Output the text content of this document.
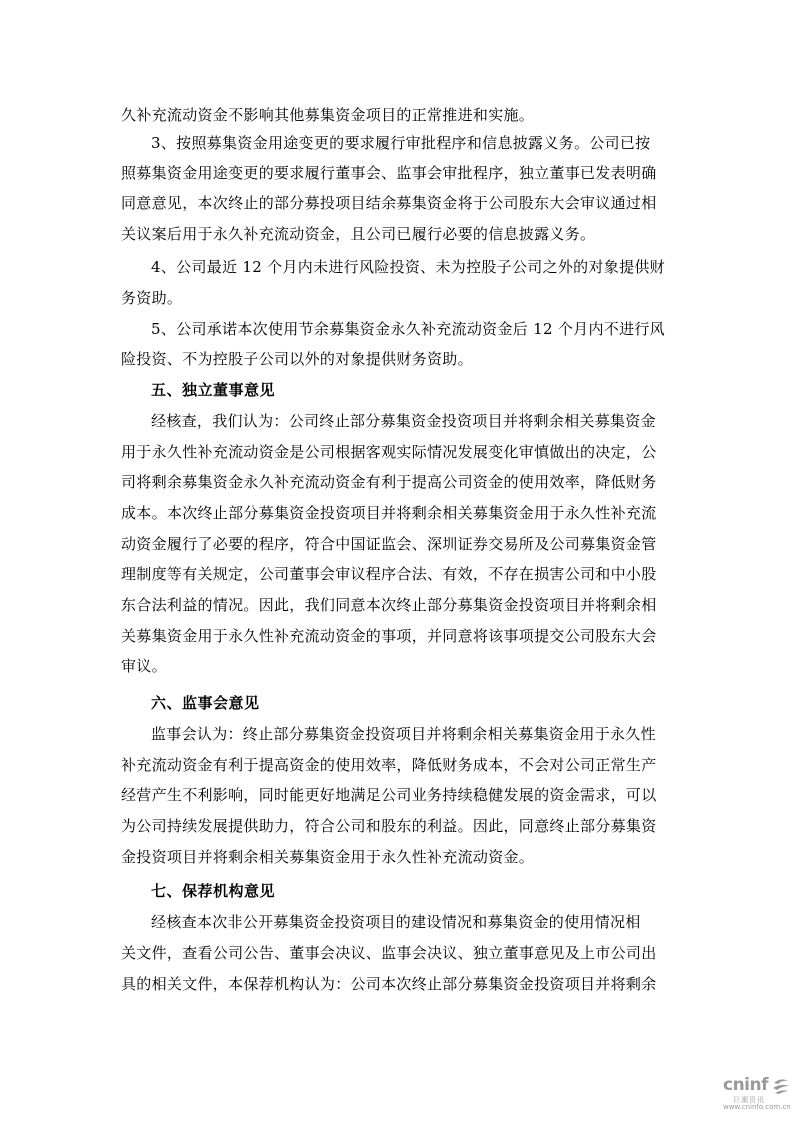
久补充流动资金不影响其他募集资金项目的正常推进和实施。
3、按照募集资金用途变更的要求履行审批程序和信息披露义务。公司已按
照募集资金用途变更的要求履行董事会、监事会审批程序，独立董事已发表明确
同意意见，本次终止的部分募投项目结余募集资金将于公司股东大会审议通过相
关议案后用于永久补充流动资金，且公司已履行必要的信息披露义务。
4、公司最近 12 个月内未进行风险投资、未为控股子公司之外的对象提供财
务资助。
5、公司承诺本次使用节余募集资金永久补充流动资金后 12 个月内不进行风
险投资、不为控股子公司以外的对象提供财务资助。
五、独立董事意见
经核查，我们认为：公司终止部分募集资金投资项目并将剩余相关募集资金
用于永久性补充流动资金是公司根据客观实际情况发展变化审慎做出的决定，公
司将剩余募集资金永久补充流动资金有利于提高公司资金的使用效率，降低财务
成本。本次终止部分募集资金投资项目并将剩余相关募集资金用于永久性补充流
动资金履行了必要的程序，符合中国证监会、深圳证券交易所及公司募集资金管
理制度等有关规定，公司董事会审议程序合法、有效，不存在损害公司和中小股
东合法利益的情况。因此，我们同意本次终止部分募集资金投资项目并将剩余相
关募集资金用于永久性补充流动资金的事项，并同意将该事项提交公司股东大会
审议。
六、监事会意见
监事会认为：终止部分募集资金投资项目并将剩余相关募集资金用于永久性
补充流动资金有利于提高资金的使用效率，降低财务成本，不会对公司正常生产
经营产生不利影响，同时能更好地满足公司业务持续稳健发展的资金需求，可以
为公司持续发展提供助力，符合公司和股东的利益。因此，同意终止部分募集资
金投资项目并将剩余相关募集资金用于永久性补充流动资金。
七、保荐机构意见
经核查本次非公开募集资金投资项目的建设情况和募集资金的使用情况相
关文件，查看公司公告、董事会决议、监事会决议、独立董事意见及上市公司出
具的相关文件，本保荐机构认为：公司本次终止部分募集资金投资项目并将剩余
cninf
巨潮资讯
www.cninfo.com.cn
